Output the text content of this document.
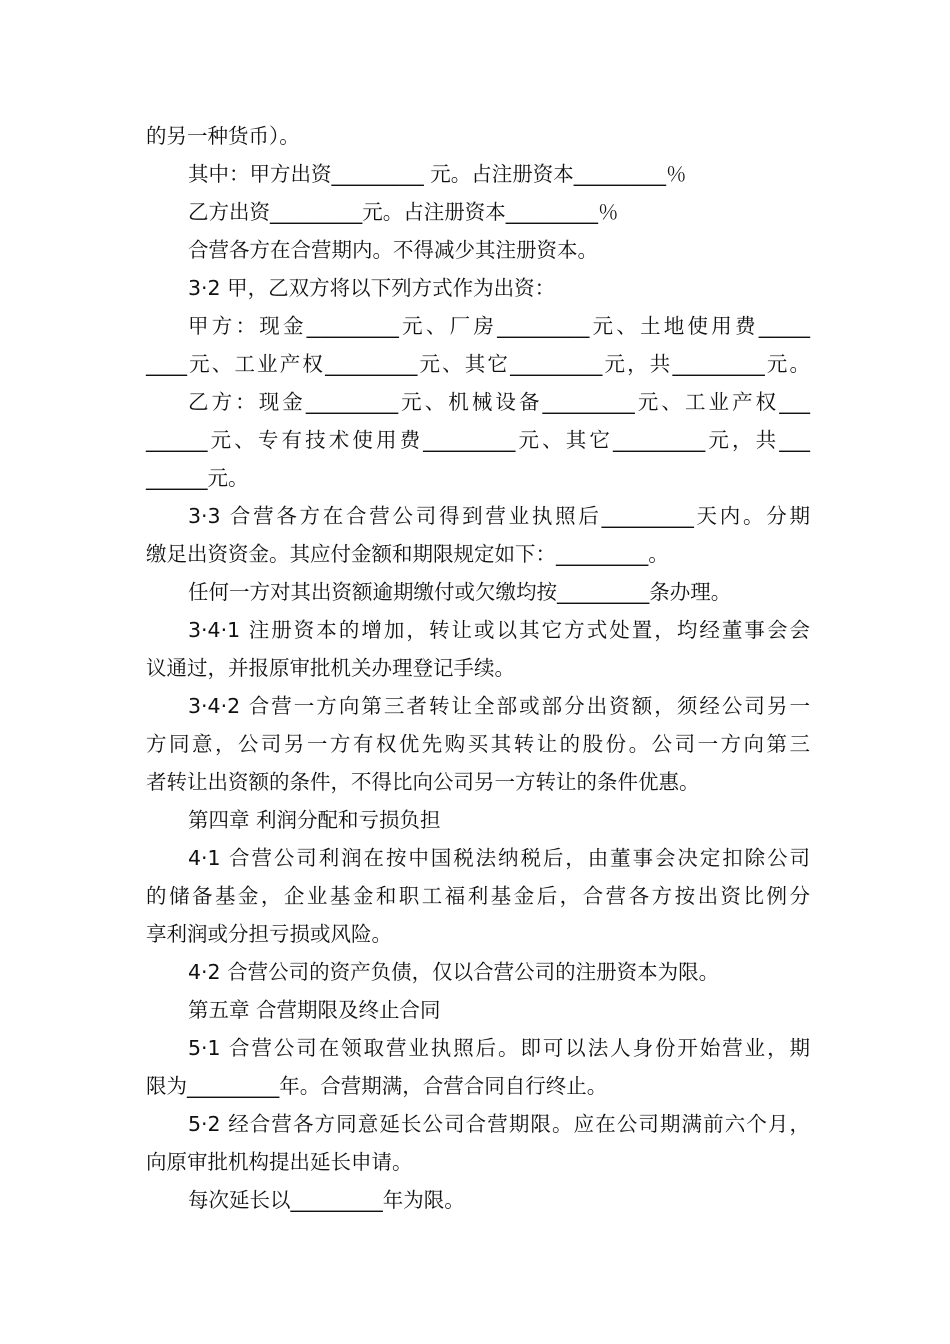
的另一种货币）。
其中：甲方出资_________ 元。占注册资本_________％
乙方出资_________元。占注册资本_________％
合营各方在合营期内。不得减少其注册资本。
3·2 甲，乙双方将以下列方式作为出资：
甲方：现金_________元、厂房_________元、土地使用费_____
____元、工业产权_________元、其它_________元，共_________元。
乙方：现金_________元、机械设备_________元、工业产权___
______元、专有技术使用费_________元、其它_________元，共___
______元。
3·3 合营各方在合营公司得到营业执照后_________天内。分期
缴足出资资金。其应付金额和期限规定如下：_________。
任何一方对其出资额逾期缴付或欠缴均按_________条办理。
3·4·1 注册资本的增加，转让或以其它方式处置，均经董事会会
议通过，并报原审批机关办理登记手续。
3·4·2 合营一方向第三者转让全部或部分出资额，须经公司另一
方同意，公司另一方有权优先购买其转让的股份。公司一方向第三
者转让出资额的条件，不得比向公司另一方转让的条件优惠。
第四章 利润分配和亏损负担
4·1 合营公司利润在按中国税法纳税后，由董事会决定扣除公司
的储备基金，企业基金和职工福利基金后，合营各方按出资比例分
享利润或分担亏损或风险。
4·2 合营公司的资产负债，仅以合营公司的注册资本为限。
第五章 合营期限及终止合同
5·1 合营公司在领取营业执照后。即可以法人身份开始营业，期
限为_________年。合营期满，合营合同自行终止。
5·2 经合营各方同意延长公司合营期限。应在公司期满前六个月，
向原审批机构提出延长申请。
每次延长以_________年为限。
